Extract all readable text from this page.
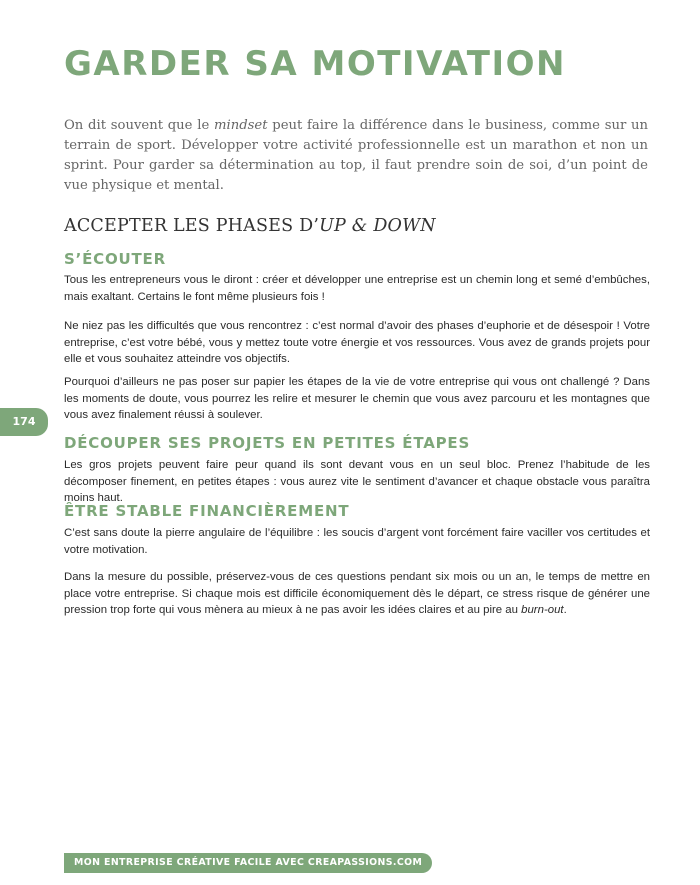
GARDER SA MOTIVATION

On dit souvent que le mindset peut faire la différence dans le business, comme sur un terrain de sport. Développer votre activité professionnelle est un marathon et non un sprint. Pour garder sa détermination au top, il faut prendre soin de soi, d’un point de vue physique et mental.

ACCEPTER LES PHASES D’UP & DOWN
S’ÉCOUTER

Tous les entrepreneurs vous le diront : créer et développer une entreprise est un chemin long et semé d’embûches, mais exaltant. Certains le font même plusieurs fois !

Ne niez pas les difficultés que vous rencontrez : c’est normal d’avoir des phases d’euphorie et de désespoir ! Votre entreprise, c’est votre bébé, vous y mettez toute votre énergie et vos ressources. Vous avez de grands projets pour elle et vous souhaitez atteindre vos objectifs.

Pourquoi d’ailleurs ne pas poser sur papier les étapes de la vie de votre entreprise qui vous ont challengé ? Dans les moments de doute, vous pourrez les relire et mesurer le chemin que vous avez parcouru et les montagnes que vous avez finalement réussi à soulever.

174
DÉCOUPER SES PROJETS EN PETITES ÉTAPES

Les gros projets peuvent faire peur quand ils sont devant vous en un seul bloc. Prenez l’habitude de les décomposer finement, en petites étapes : vous aurez vite le sentiment d’avancer et chaque obstacle vous paraîtra moins haut.

ÊTRE STABLE FINANCIÈREMENT

C’est sans doute la pierre angulaire de l’équilibre : les soucis d’argent vont forcément faire vaciller vos certitudes et votre motivation.

Dans la mesure du possible, préservez-vous de ces questions pendant six mois ou un an, le temps de mettre en place votre entreprise. Si chaque mois est difficile économiquement dès le départ, ce stress risque de générer une pression trop forte qui vous mènera au mieux à ne pas avoir les idées claires et au pire au burn-out.

MON ENTREPRISE CRÉATIVE FACILE AVEC CREAPASSIONS.COM
